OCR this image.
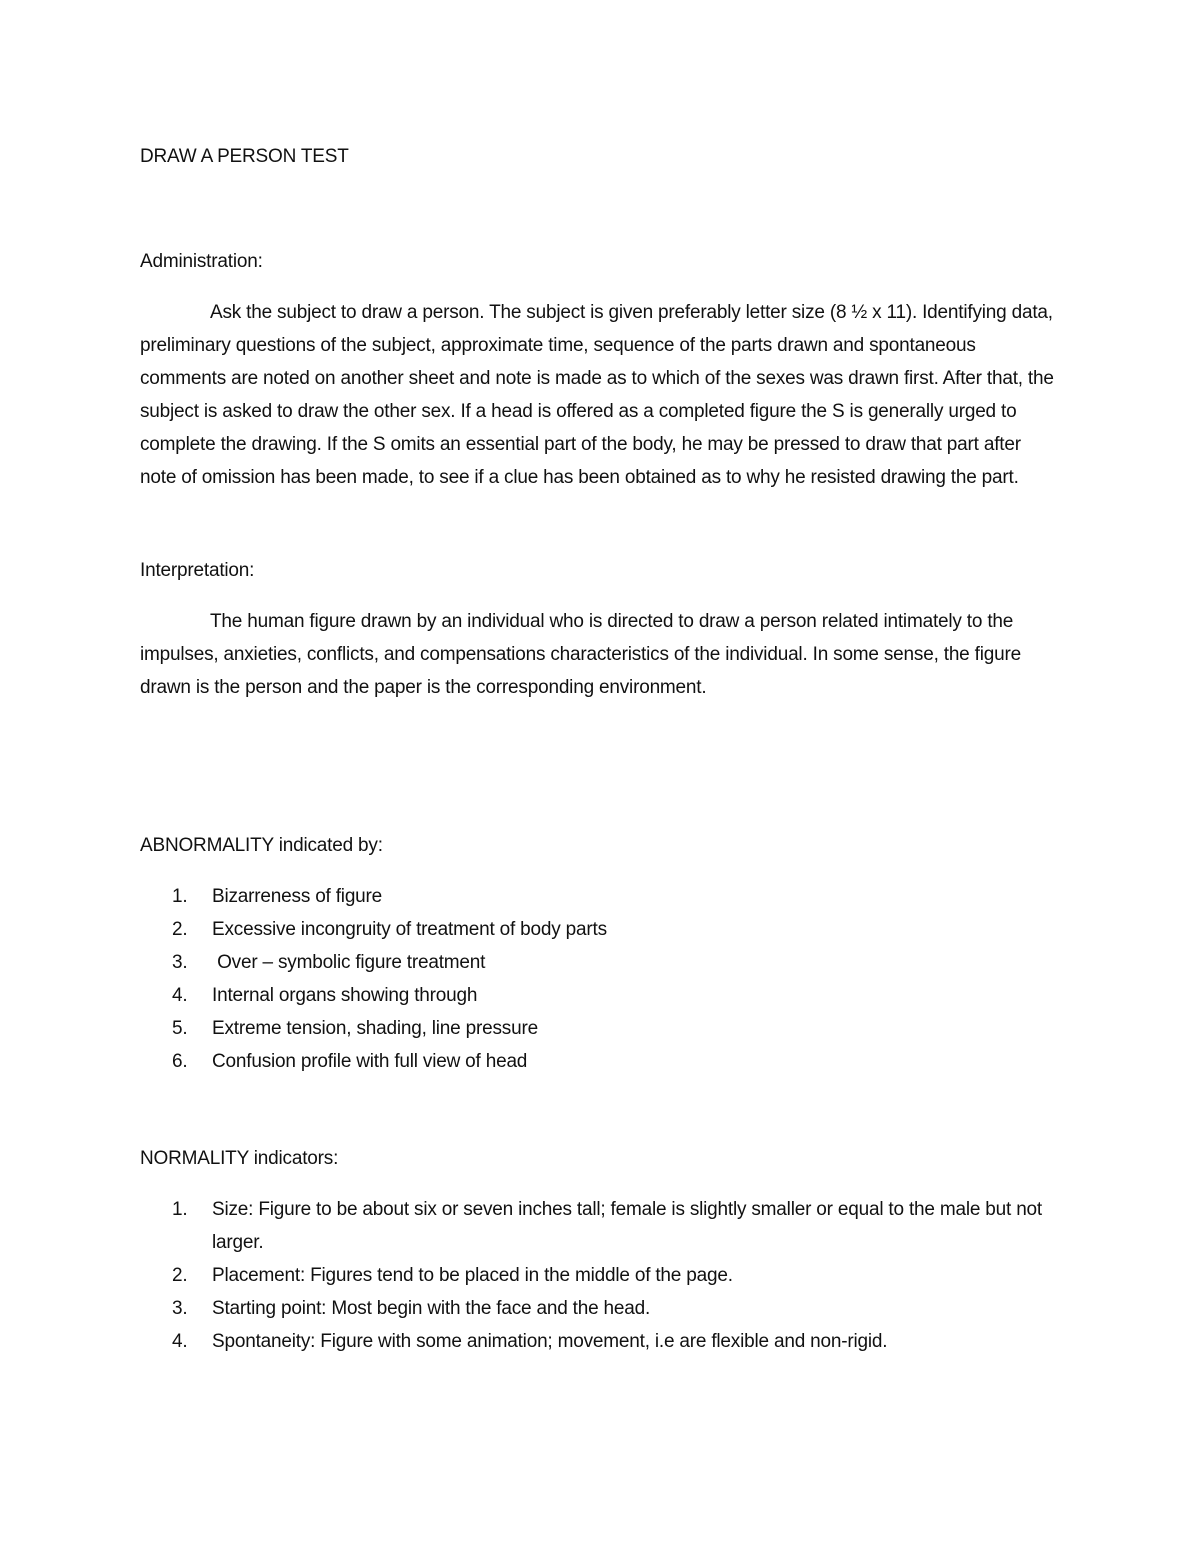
DRAW A PERSON TEST
Administration:

Ask the subject to draw a person. The subject is given preferably letter size (8 ½ x 11). Identifying data, preliminary questions of the subject, approximate time, sequence of the parts drawn and spontaneous comments are noted on another sheet and note is made as to which of the sexes was drawn first. After that, the subject is asked to draw the other sex. If a head is offered as a completed figure the S is generally urged to complete the drawing. If the S omits an essential part of the body, he may be pressed to draw that part after note of omission has been made, to see if a clue has been obtained as to why he resisted drawing the part.

Interpretation:

The human figure drawn by an individual who is directed to draw a person related intimately to the impulses, anxieties, conflicts, and compensations characteristics of the individual. In some sense, the figure drawn is the person and the paper is the corresponding environment.

ABNORMALITY indicated by:
1. Bizarreness of figure
2. Excessive incongruity of treatment of body parts
3. Over – symbolic figure treatment
4. Internal organs showing through
5. Extreme tension, shading, line pressure
6. Confusion profile with full view of head
NORMALITY indicators:
1. Size: Figure to be about six or seven inches tall; female is slightly smaller or equal to the male but not larger.
2. Placement: Figures tend to be placed in the middle of the page.
3. Starting point: Most begin with the face and the head.
4. Spontaneity: Figure with some animation; movement, i.e are flexible and non-rigid.
